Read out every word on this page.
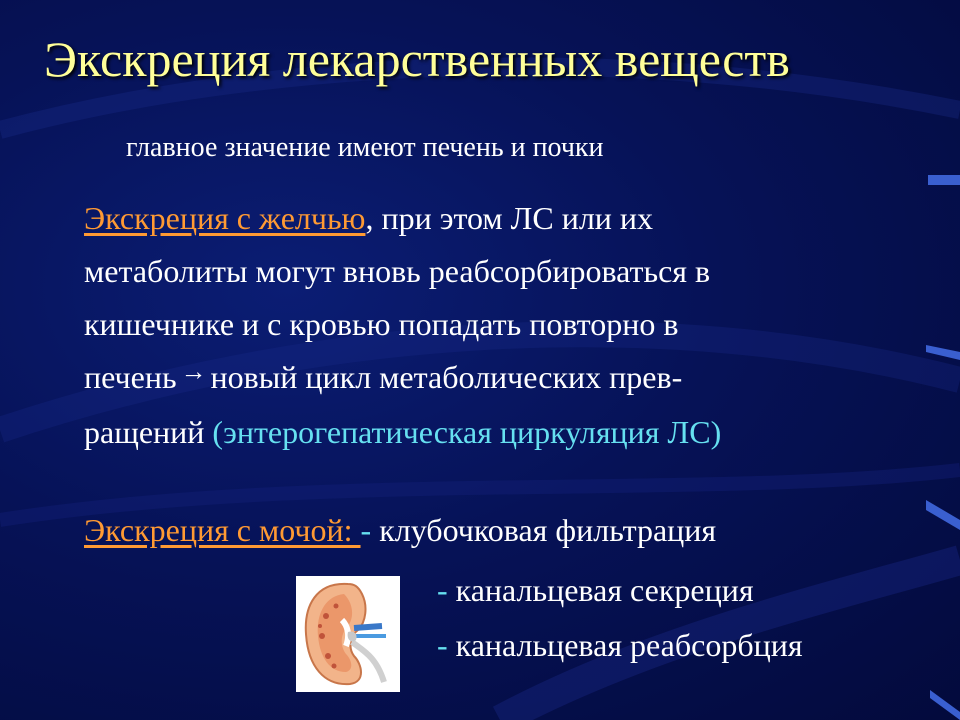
Экскреция лекарственных веществ
главное значение имеют печень и почки
Экскреция с желчью, при этом ЛС или их
метаболиты могут вновь реабсорбироваться в
кишечнике и с кровью попадать повторно в
печень → новый цикл метаболических прев-
ращений (энтерогепатическая циркуляция ЛС)
Экскреция с мочой: - клубочковая фильтрация
- канальцевая секреция
- канальцевая реабсорбция
